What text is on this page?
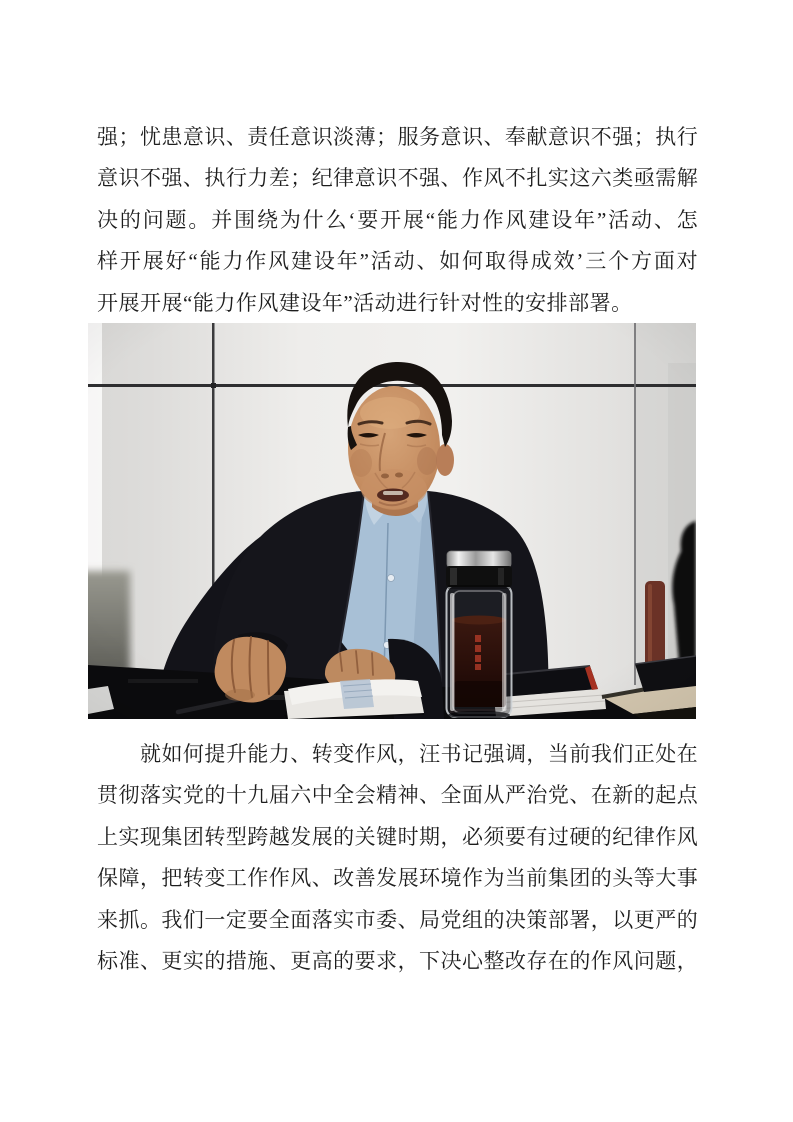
强；忧患意识、责任意识淡薄；服务意识、奉献意识不强；执行
意识不强、执行力差；纪律意识不强、作风不扎实这六类亟需解
决的问题。并围绕为什么‘要开展“能力作风建设年”活动、怎
样开展好“能力作风建设年”活动、如何取得成效’三个方面对
开展开展“能力作风建设年”活动进行针对性的安排部署。
就如何提升能力、转变作风，汪书记强调，当前我们正处在
贯彻落实党的十九届六中全会精神、全面从严治党、在新的起点
上实现集团转型跨越发展的关键时期，必须要有过硬的纪律作风
保障，把转变工作作风、改善发展环境作为当前集团的头等大事
来抓。我们一定要全面落实市委、局党组的决策部署，以更严的
标准、更实的措施、更高的要求，下决心整改存在的作风问题，
